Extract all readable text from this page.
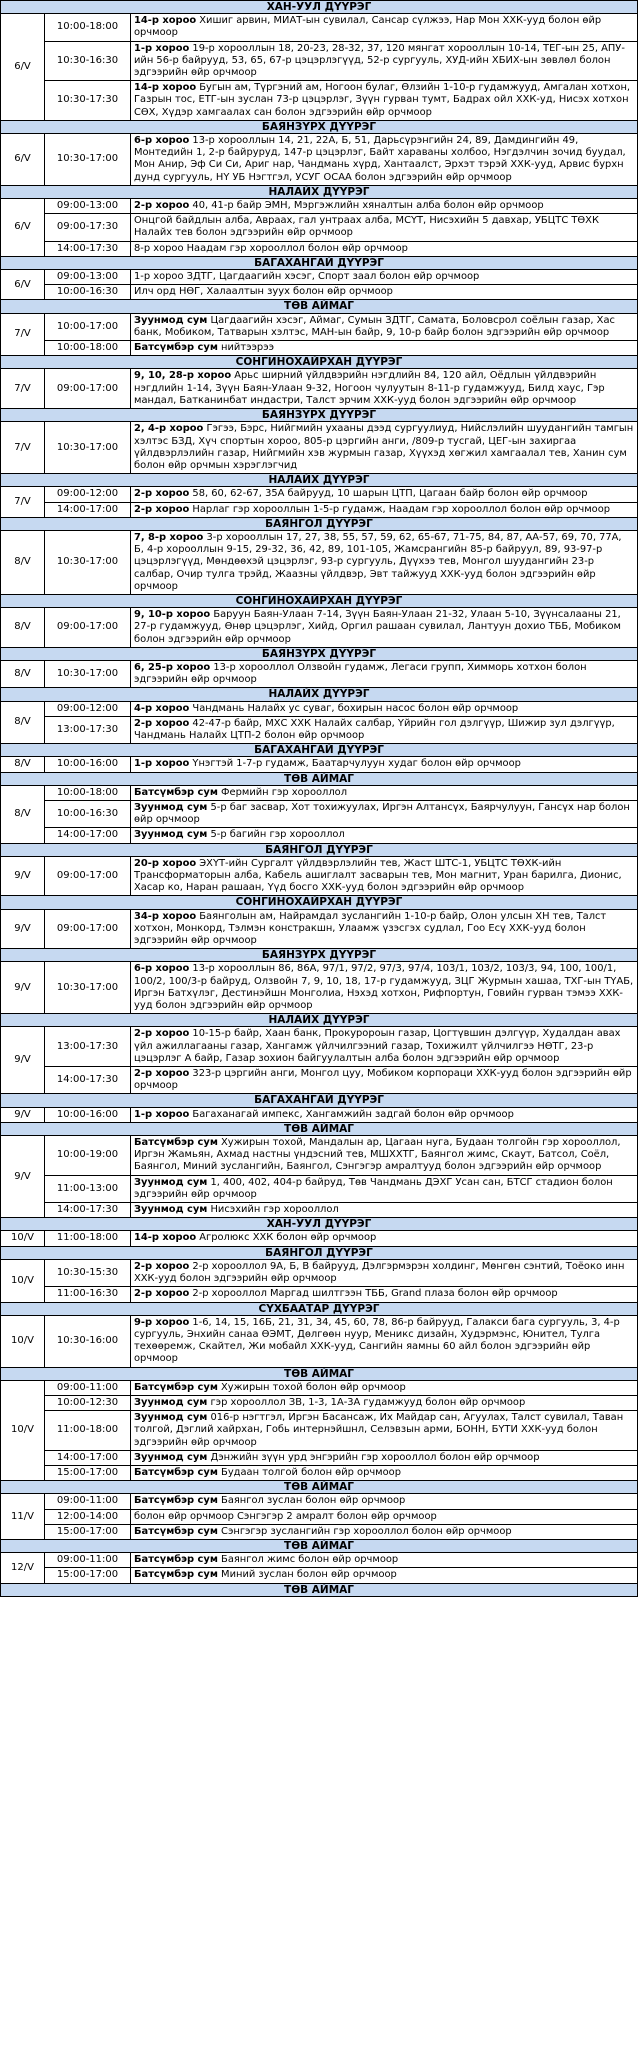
ХАН-УУЛ ДҮҮРЭГ		
6/V	10:00-18:00	14-р хороо Хишиг арвин, МИАТ-ын сувилал, Сансар сүлжээ, Нар Мон ХХК-ууд болон өйр орчмоор
	10:30-16:30	1-р хороо 19-р хорооллын 18, 20-23, 28-32, 37, 120 мянгат хорооллын 10-14, ТЕГ-ын 25, АПУ-ийн 56-р байрууд, 53, 65, 67-р цэцэрлэгүүд, 52-р сургууль, ХУД-ийн ХБИХ-ын зөвлөл болон эдгээрийн өйр орчмоор
	10:30-17:30	14-р хороо Бугын ам, Түргэний ам, Ногоон булаг, Өлзийн 1-10-р гудамжууд, Амгалан хотхон, Газрын тос, ЕТГ-ын зуслан 73-р цэцэрлэг, Зүүн гурван тумт, Бадрах ойл ХХК-уд, Нисэх хотхон СӨХ, Хүдэр хамгаалах сан болон эдгээрийн өйр орчмоор
БАЯНЗҮРХ ДҮҮРЭГ		
6/V	10:30-17:00	6-р хороо 13-р хорооллын 14, 21, 22А, Б, 51, Дарьсүрэнгийн 24, 89, Дамдингийн 49, Монтедийн 1, 2-р байруруд, 147-р цэцэрлэг, Байт хараваны холбоо, Нэгдэлчин зочид буудал, Мон Анир, Эф Си Си, Ариг нар, Чандмань хүрд, Хантаалст, Эрхэт тэрэй ХХК-ууд, Арвис бурхн дунд сургууль, НҮ УБ Нэгтгэл, УСУГ ОСАА болон эдгээрийн өйр орчмоор
НАЛАЙХ ДҮҮРЭГ		
6/V	09:00-13:00	2-р хороо 40, 41-р байр ЭМН, Мэргэжлийн хяналтын алба болон өйр орчмоор
	09:00-17:30	Онцгой байдлын алба, Авраах, гал унтраах алба, МСҮТ, Нисэхийн 5 давхар, УБЦТС ТӨХК Налайх тев болон эдгээрийн өйр орчмоор
	14:00-17:30	8-р хороо Наадам гэр хорооллол болон өйр орчмоор
БАГАХАНГАЙ ДҮҮРЭГ		
6/V	09:00-13:00	1-р хороо ЗДТГ, Цагдаагийн хэсэг, Спорт заал болон өйр орчмоор
	10:00-16:30	Илч орд НӨГ, Халаалтын зуух болон өйр орчмоор
ТӨВ АЙМАГ		
7/V	10:00-17:00	Зуунмод сум Цагдаагийн хэсэг, Аймаг, Сумын ЗДТГ, Самата, Боловсрол соёлын газар, Хас банк, Мобиком, Татварын хэлтэс, МАН-ын байр, 9, 10-р байр болон эдгээрийн өйр орчмоор
	10:00-18:00	Батсүмбэр сум нийтээрээ
СОНГИНОХАЙРХАН ДҮҮРЭГ		
7/V	09:00-17:00	9, 10, 28-р хороо Арьс ширний үйлдвэрийн нэгдлийн 84, 120 айл, Оёдлын үйлдвэрийн нэгдлийн 1-14, Зүүн Баян-Улаан 9-32, Ногоон чулуутын 8-11-р гудамжууд, Билд хаус, Гэр мандал, Батканинбат индастри, Талст эрчим ХХК-ууд болон эдгээрийн өйр орчмоор
БАЯНЗҮРХ ДҮҮРЭГ		
7/V	10:30-17:00	2, 4-р хороо Гэгээ, Бэрс, Нийгмийн ухааны дээд сургуулиуд, Нийслэлийн шуудангийн тамгын хэлтэс БЗД, Хүч спортын хороо, 805-р цэргийн анги, /809-р тусгай, ЦЕГ-ын захиргаа үйлдвэрлэлийн газар, Нийгмийн хэв журмын газар, Хүүхэд хөгжил хамгаалал тев, Ханин сум болон өйр орчмын хэрэглэгчид
НАЛАЙХ ДҮҮРЭГ		
7/V	09:00-12:00	2-р хороо 58, 60, 62-67, 35А байрууд, 10 шарын ЦТП, Цагаан байр болон өйр орчмоор
	14:00-17:00	2-р хороо Нарлаг гэр хорооллын 1-5-р гудамж, Наадам гэр хорооллол болон өйр орчмоор
БАЯНГОЛ ДҮҮРЭГ		
8/V	10:30-17:00	7, 8-р хороо 3-р хорооллын 17, 27, 38, 55, 57, 59, 62, 65-67, 71-75, 84, 87, АА-57, 69, 70, 77А, Б, 4-р хорооллын 9-15, 29-32, 36, 42, 89, 101-105, Жамсрангийн 85-р байруул, 89, 93-97-р цэцэрлэгүүд, Мөндөөхэй цэцэрлэг, 93-р сургууль, Дүүхээ тев, Монгол шуудангийн 23-р салбар, Очир тулга трэйд, Жаазны үйлдвэр, Эвт тайжууд ХХК-ууд болон эдгээрийн өйр орчмоор
СОНГИНОХАЙРХАН ДҮҮРЭГ		
8/V	09:00-17:00	9, 10-р хороо Баруун Баян-Улаан 7-14, Зүүн Баян-Улаан 21-32, Улаан 5-10, Зүүнсалааны 21, 27-р гудамжууд, Өнөр цэцэрлэг, Хийд, Оргил рашаан сувилал, Лантуун дохио ТББ, Мобиком болон эдгээрийн өйр орчмоор
БАЯНЗҮРХ ДҮҮРЭГ		
8/V	10:30-17:00	6, 25-р хороо 13-р хорооллол Олзвойн гудамж, Легаси групп, Химморь хотхон болон эдгээрийн өйр орчмоор
НАЛАЙХ ДҮҮРЭГ		
8/V	09:00-12:00	4-р хороо Чандмань Налайх ус суваг, бохирын насос болон өйр орчмоор
	13:00-17:30	2-р хороо 42-47-р байр, МХС ХХК Налайх салбар, Үйрийн гол дэлгүүр, Шижир зул дэлгүүр, Чандмань Налайх ЦТП-2 болон өйр орчмоор
БАГАХАНГАЙ ДҮҮРЭГ		
8/V	10:00-16:00	1-р хороо Үнэгтэй 1-7-р гудамж, Баатарчулуун худаг болон өйр орчмоор
ТӨВ АЙМАГ		
8/V	10:00-18:00	Батсүмбэр сум Фермийн гэр хорооллол
	10:00-16:30	Зуунмод сум 5-р баг засвар, Хот тохижуулах, Иргэн Алтансүх, Баярчулуун, Гансүх нар болон өйр орчмоор
	14:00-17:00	Зуунмод сум 5-р багийн гэр хорооллол
БАЯНГОЛ ДҮҮРЭГ		
9/V	09:00-17:00	20-р хороо ЭХҮТ-ийн Сургалт үйлдвэрлэлийн тев, Жаст ШТС-1, УБЦТС ТӨХК-ийн Трансформаторын алба, Кабель ашиглалт засварын тев, Мон магнит, Уран барилга, Дионис, Хасар ко, Наран рашаан, Үүд босго ХХК-ууд болон эдгээрийн өйр орчмоор
СОНГИНОХАЙРХАН ДҮҮРЭГ		
9/V	09:00-17:00	34-р хороо Баянголын ам, Найрамдал зуслангийн 1-10-р байр, Олон улсын ХН тев, Талст хотхон, Монкорд, Тэлмэн констракшн, Улаамж үзэсгэх судлал, Гоо Есү ХХК-ууд болон эдгээрийн өйр орчмоор
БАЯНЗҮРХ ДҮҮРЭГ		
9/V	10:30-17:00	6-р хороо 13-р хорооллын 86, 86А, 97/1, 97/2, 97/3, 97/4, 103/1, 103/2, 103/3, 94, 100, 100/1, 100/2, 100/3-р байруд, Олзвойн 7, 9, 10, 18, 17-р гудамжууд, ЗЦГ Журмын хашаа, ТХГ-ын ТҮАБ, Иргэн Батхүлэг, Дестинэйшн Монголиа, Нэхэд хотхон, Рифпортун, Говийн гурван тэмээ ХХК-ууд болон эдгээрийн өйр орчмоор
НАЛАЙХ ДҮҮРЭГ		
9/V	13:00-17:30	2-р хороо 10-15-р байр, Хаан банк, Прокуророын газар, Цогтүвшин дэлгүүр, Худалдан авах үйл ажиллагааны газар, Хангамж үйлчилгээний газар, Тохижилт үйлчилгээ НӨТГ, 23-р цэцэрлэг А байр, Газар зохион байгуулалтын алба болон эдгээрийн өйр орчмоор
	14:00-17:30	2-р хороо 323-р цэргийн анги, Монгол цуу, Мобиком корпораци ХХК-ууд болон эдгээрийн өйр орчмоор
БАГАХАНГАЙ ДҮҮРЭГ		
9/V	10:00-16:00	1-р хороо Багаханагай импекс, Хангамжийн задгай болон өйр орчмоор
ТӨВ АЙМАГ		
9/V	10:00-19:00	Батсүмбэр сум Хужирын тохой, Мандалын ар, Цагаан нуга, Будаан толгойн гэр хорооллол, Иргэн Жамьян, Ахмад настны үндэсний тев, МШХХТГ, Баянгол жимс, Скаут, Батсол, Соёл, Баянгол, Миний зуслангийн, Баянгол, Сэнгэгэр амралтууд болон эдгээрийн өйр орчмоор
	11:00-13:00	Зуунмод сум 1, 400, 402, 404-р байруд, Төв Чандмань ДЭХГ Усан сан, БТСГ стадион болон эдгээрийн өйр орчмоор
	14:00-17:30	Зуунмод сум Нисэхийн гэр хорооллол
ХАН-УУЛ ДҮҮРЭГ		
10/V	11:00-18:00	14-р хороо Агролюкс ХХК болон өйр орчмоор
БАЯНГОЛ ДҮҮРЭГ		
10/V	10:30-15:30	2-р хороо 2-р хорооллол 9А, Б, В байрууд, Дэлгэрмэрэн холдинг, Мөнгөн сэнтий, Тоёокo инн ХХК-ууд болон эдгээрийн өйр орчмоор
	11:00-16:30	2-р хороо 2-р хорооллол Маргад шилтгээн ТББ, Grand плаза болон өйр орчмоор
СҮХБААТАР ДҮҮРЭГ		
10/V	10:30-16:00	9-р хороо 1-6, 14, 15, 16Б, 21, 31, 34, 45, 60, 78, 86-р байрууд, Галакси бага сургууль, 3, 4-р сургууль, Энхийн санаа ӨЭМТ, Дөлгөөн нуур, Меникс дизайн, Худэрмэнс, Юнител, Тулга техөөремж, Скайтел, Жи мобайл ХХК-ууд, Сангийн яамны 60 айл болон эдгээрийн өйр орчмоор
ТӨВ АЙМАГ		
10/V	09:00-11:00	Батсүмбэр сум Хужирын тохой болон өйр орчмоор
	10:00-12:30	Зуунмод сум гэр хорооллол ЗВ, 1-3, 1А-3А гудамжууд болон өйр орчмоор
	11:00-18:00	Зуунмод сум 016-р нэгтгэл, Иргэн Басансаж, Их Майдар сан, Агуулах, Талст сувилал, Таван толгой, Дэглий хайрхан, Гобь интернэйшнл, Селэвзын арми, БОНН, БҮТИ ХХК-ууд болон эдгээрийн өйр орчмоор
	14:00-17:00	Зуунмод сум Дэнжийн зүүн урд энгэрийн гэр хорооллол болон өйр орчмоор
	15:00-17:00	Батсүмбэр сум Будаан толгой болон өйр орчмоор
ТӨВ АЙМАГ		
11/V	09:00-11:00	Батсүмбэр сум Баянгол зуслан болон өйр орчмоор
	12:00-14:00	болон өйр орчмоор Сэнгэгэр 2 амралт болон өйр орчмоор
	15:00-17:00	Батсүмбэр сум Сэнгэгэр зуслангийн гэр хорооллол болон өйр орчмоор
ТӨВ АЙМАГ		
12/V	09:00-11:00	Батсүмбэр сум Баянгол жимс болон өйр орчмоор
	15:00-17:00	Батсүмбэр сум Миний зуслан болон өйр орчмоор
ТӨВ АЙМАГ		
